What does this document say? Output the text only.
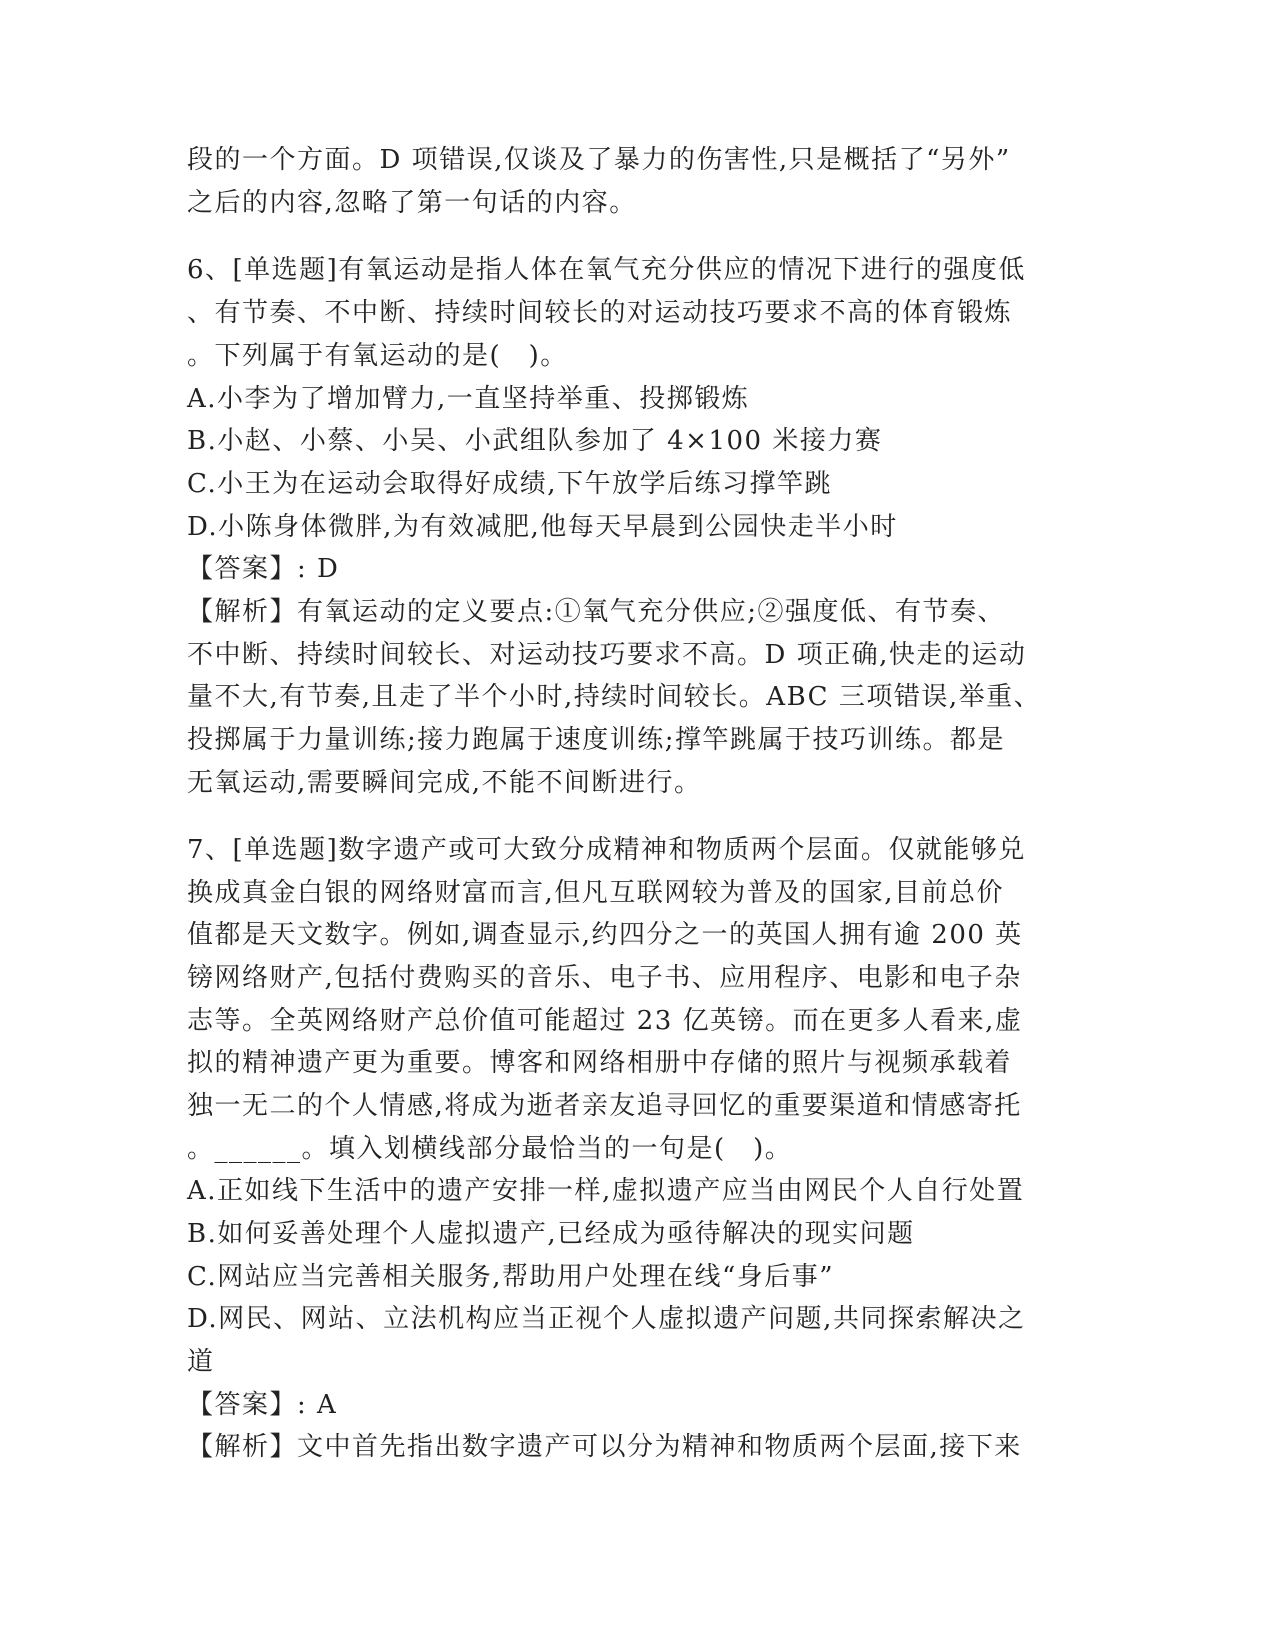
段的一个方面。D 项错误,仅谈及了暴力的伤害性,只是概括了“另外”
之后的内容,忽略了第一句话的内容。
6、[单选题]有氧运动是指人体在氧气充分供应的情况下进行的强度低
、有节奏、不中断、持续时间较长的对运动技巧要求不高的体育锻炼
。下列属于有氧运动的是(　)。
A.小李为了增加臂力,一直坚持举重、投掷锻炼
B.小赵、小蔡、小吴、小武组队参加了 4×100 米接力赛
C.小王为在运动会取得好成绩,下午放学后练习撑竿跳
D.小陈身体微胖,为有效减肥,他每天早晨到公园快走半小时
【答案】: D
【解析】有氧运动的定义要点:①氧气充分供应;②强度低、有节奏、
不中断、持续时间较长、对运动技巧要求不高。D 项正确,快走的运动
量不大,有节奏,且走了半个小时,持续时间较长。ABC 三项错误,举重、
投掷属于力量训练;接力跑属于速度训练;撑竿跳属于技巧训练。都是
无氧运动,需要瞬间完成,不能不间断进行。
7、[单选题]数字遗产或可大致分成精神和物质两个层面。仅就能够兑
换成真金白银的网络财富而言,但凡互联网较为普及的国家,目前总价
值都是天文数字。例如,调查显示,约四分之一的英国人拥有逾 200 英
镑网络财产,包括付费购买的音乐、电子书、应用程序、电影和电子杂
志等。全英网络财产总价值可能超过 23 亿英镑。而在更多人看来,虚
拟的精神遗产更为重要。博客和网络相册中存储的照片与视频承载着
独一无二的个人情感,将成为逝者亲友追寻回忆的重要渠道和情感寄托
。______。填入划横线部分最恰当的一句是(　)。
A.正如线下生活中的遗产安排一样,虚拟遗产应当由网民个人自行处置
B.如何妥善处理个人虚拟遗产,已经成为亟待解决的现实问题
C.网站应当完善相关服务,帮助用户处理在线“身后事”
D.网民、网站、立法机构应当正视个人虚拟遗产问题,共同探索解决之
道
【答案】: A
【解析】文中首先指出数字遗产可以分为精神和物质两个层面,接下来
